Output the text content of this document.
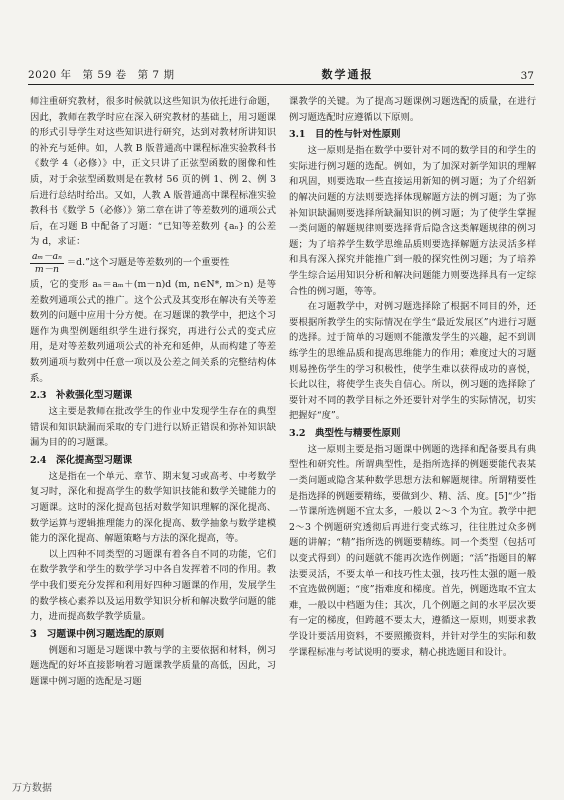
2020 年　第 59 卷　第 7 期	数学通报	37

师注重研究教材，很多时候就以这些知识为依托进行命题，因此，教师在教学时应在深入研究教材的基础上，用习题课的形式引导学生对这些知识进行研究，达到对教材所讲知识的补充与延伸。如，人教 B 版普通高中课程标准实验教科书《数学 4（必修）》中，正文只讲了正弦型函数的图像和性质，对于余弦型函数则是在教材 56 页的例 1、例 2、例 3 后进行总结时给出。又如，人教 A 版普通高中课程标准实验教科书《数学 5（必修）》第二章在讲了等差数列的通项公式后，在习题 B 中配备了习题：“已知等差数列 {aₙ} 的公差为 d，求证：

$\frac{\text{aₘ－aₙ}}{m-n} =d$.”这个习题是等差数列的一个重要性

质，它的变形 aₙ＝aₘ＋(m－n)d (m, n∈N*, m＞n) 是等差数列通项公式的推广。这个公式及其变形在解决有关等差数列的问题中应用十分方便。在习题课的教学中，把这个习题作为典型例题组织学生进行探究，再进行公式的变式应用，是对等差数列通项公式的补充和延伸，从而构建了等差数列通项与数列中任意一项以及公差之间关系的完整结构体系。

2.3　补救强化型习题课

这主要是教师在批改学生的作业中发现学生存在的典型错误和知识缺漏而采取的专门进行以矫正错误和弥补知识缺漏为目的的习题课。

2.4　深化提高型习题课

这是指在一个单元、章节、期末复习或高考、中考数学复习时，深化和提高学生的数学知识技能和数学关键能力的习题课。这时的深化提高包括对数学知识理解的深化提高、数学运算与逻辑推理能力的深化提高、数学抽象与数学建模能力的深化提高、解题策略与方法的深化提高，等。

以上四种不同类型的习题课有着各自不同的功能，它们在数学教学和学生的数学学习中各自发挥着不同的作用。教学中我们要充分发挥和利用好四种习题课的作用，发展学生的数学核心素养以及运用数学知识分析和解决数学问题的能力，进而提高数学教学质量。

3　习题课中例习题选配的原则

例题和习题是习题课中教与学的主要依据和材料，例习题选配的好坏直接影响着习题课教学质量的高低，因此，习题课中例习题的选配是习题

课教学的关键。为了提高习题课例习题选配的质量，在进行例习题选配时应遵循以下原则。

3.1　目的性与针对性原则

这一原则是指在数学中要针对不同的数学目的和学生的实际进行例习题的选配。例如，为了加深对新学知识的理解和巩固，则要选取一些直接运用新知的例习题；为了介绍新的解决问题的方法则要选择体现解题方法的例习题；为了弥补知识缺漏则要选择所缺漏知识的例习题；为了使学生掌握一类问题的解题规律则要选择背后隐含这类解题规律的例习题；为了培养学生数学思维品质则要选择解题方法灵活多样和具有深入探究并能推广到一般的探究性例习题；为了培养学生综合运用知识分析和解决问题能力则要选择具有一定综合性的例习题，等等。

在习题教学中，对例习题选择除了根据不同目的外，还要根据所教学生的实际情况在学生“最近发展区”内进行习题的选择。过于简单的习题则不能激发学生的兴趣，起不到训练学生的思维品质和提高思维能力的作用；难度过大的习题则易挫伤学生的学习积极性，使学生难以获得成功的喜悦，长此以往，将使学生丧失自信心。所以，例习题的选择除了要针对不同的教学目标之外还要针对学生的实际情况，切实把握好“度”。

3.2　典型性与精要性原则

这一原则主要是指习题课中例题的选择和配备要具有典型性和研究性。所谓典型性，是指所选择的例题要能代表某一类问题或隐含某种数学思想方法和解题规律。所谓精要性是指选择的例题要精练，要做到少、精、活、度。[5]“少”指一节课所选例题不宜太多，一般以 2～3 个为宜。教学中把 2～3 个例题研究透彻后再进行变式练习，往往胜过众多例题的讲解；“精”指所选的例题要精练。同一个类型（包括可以变式得到）的问题就不能再次选作例题；“活”指题目的解法要灵活，不要太单一和技巧性太强，技巧性太强的题一般不宜选做例题；“度”指难度和梯度。首先，例题选取不宜太难，一般以中档题为佳；其次，几个例题之间的水平层次要有一定的梯度，但跨越不要太大，遵循这一原则，则要求教学设计要活用资料，不要照搬资料，并针对学生的实际和数学课程标准与考试说明的要求，精心挑选题目和设计。

万方数据
